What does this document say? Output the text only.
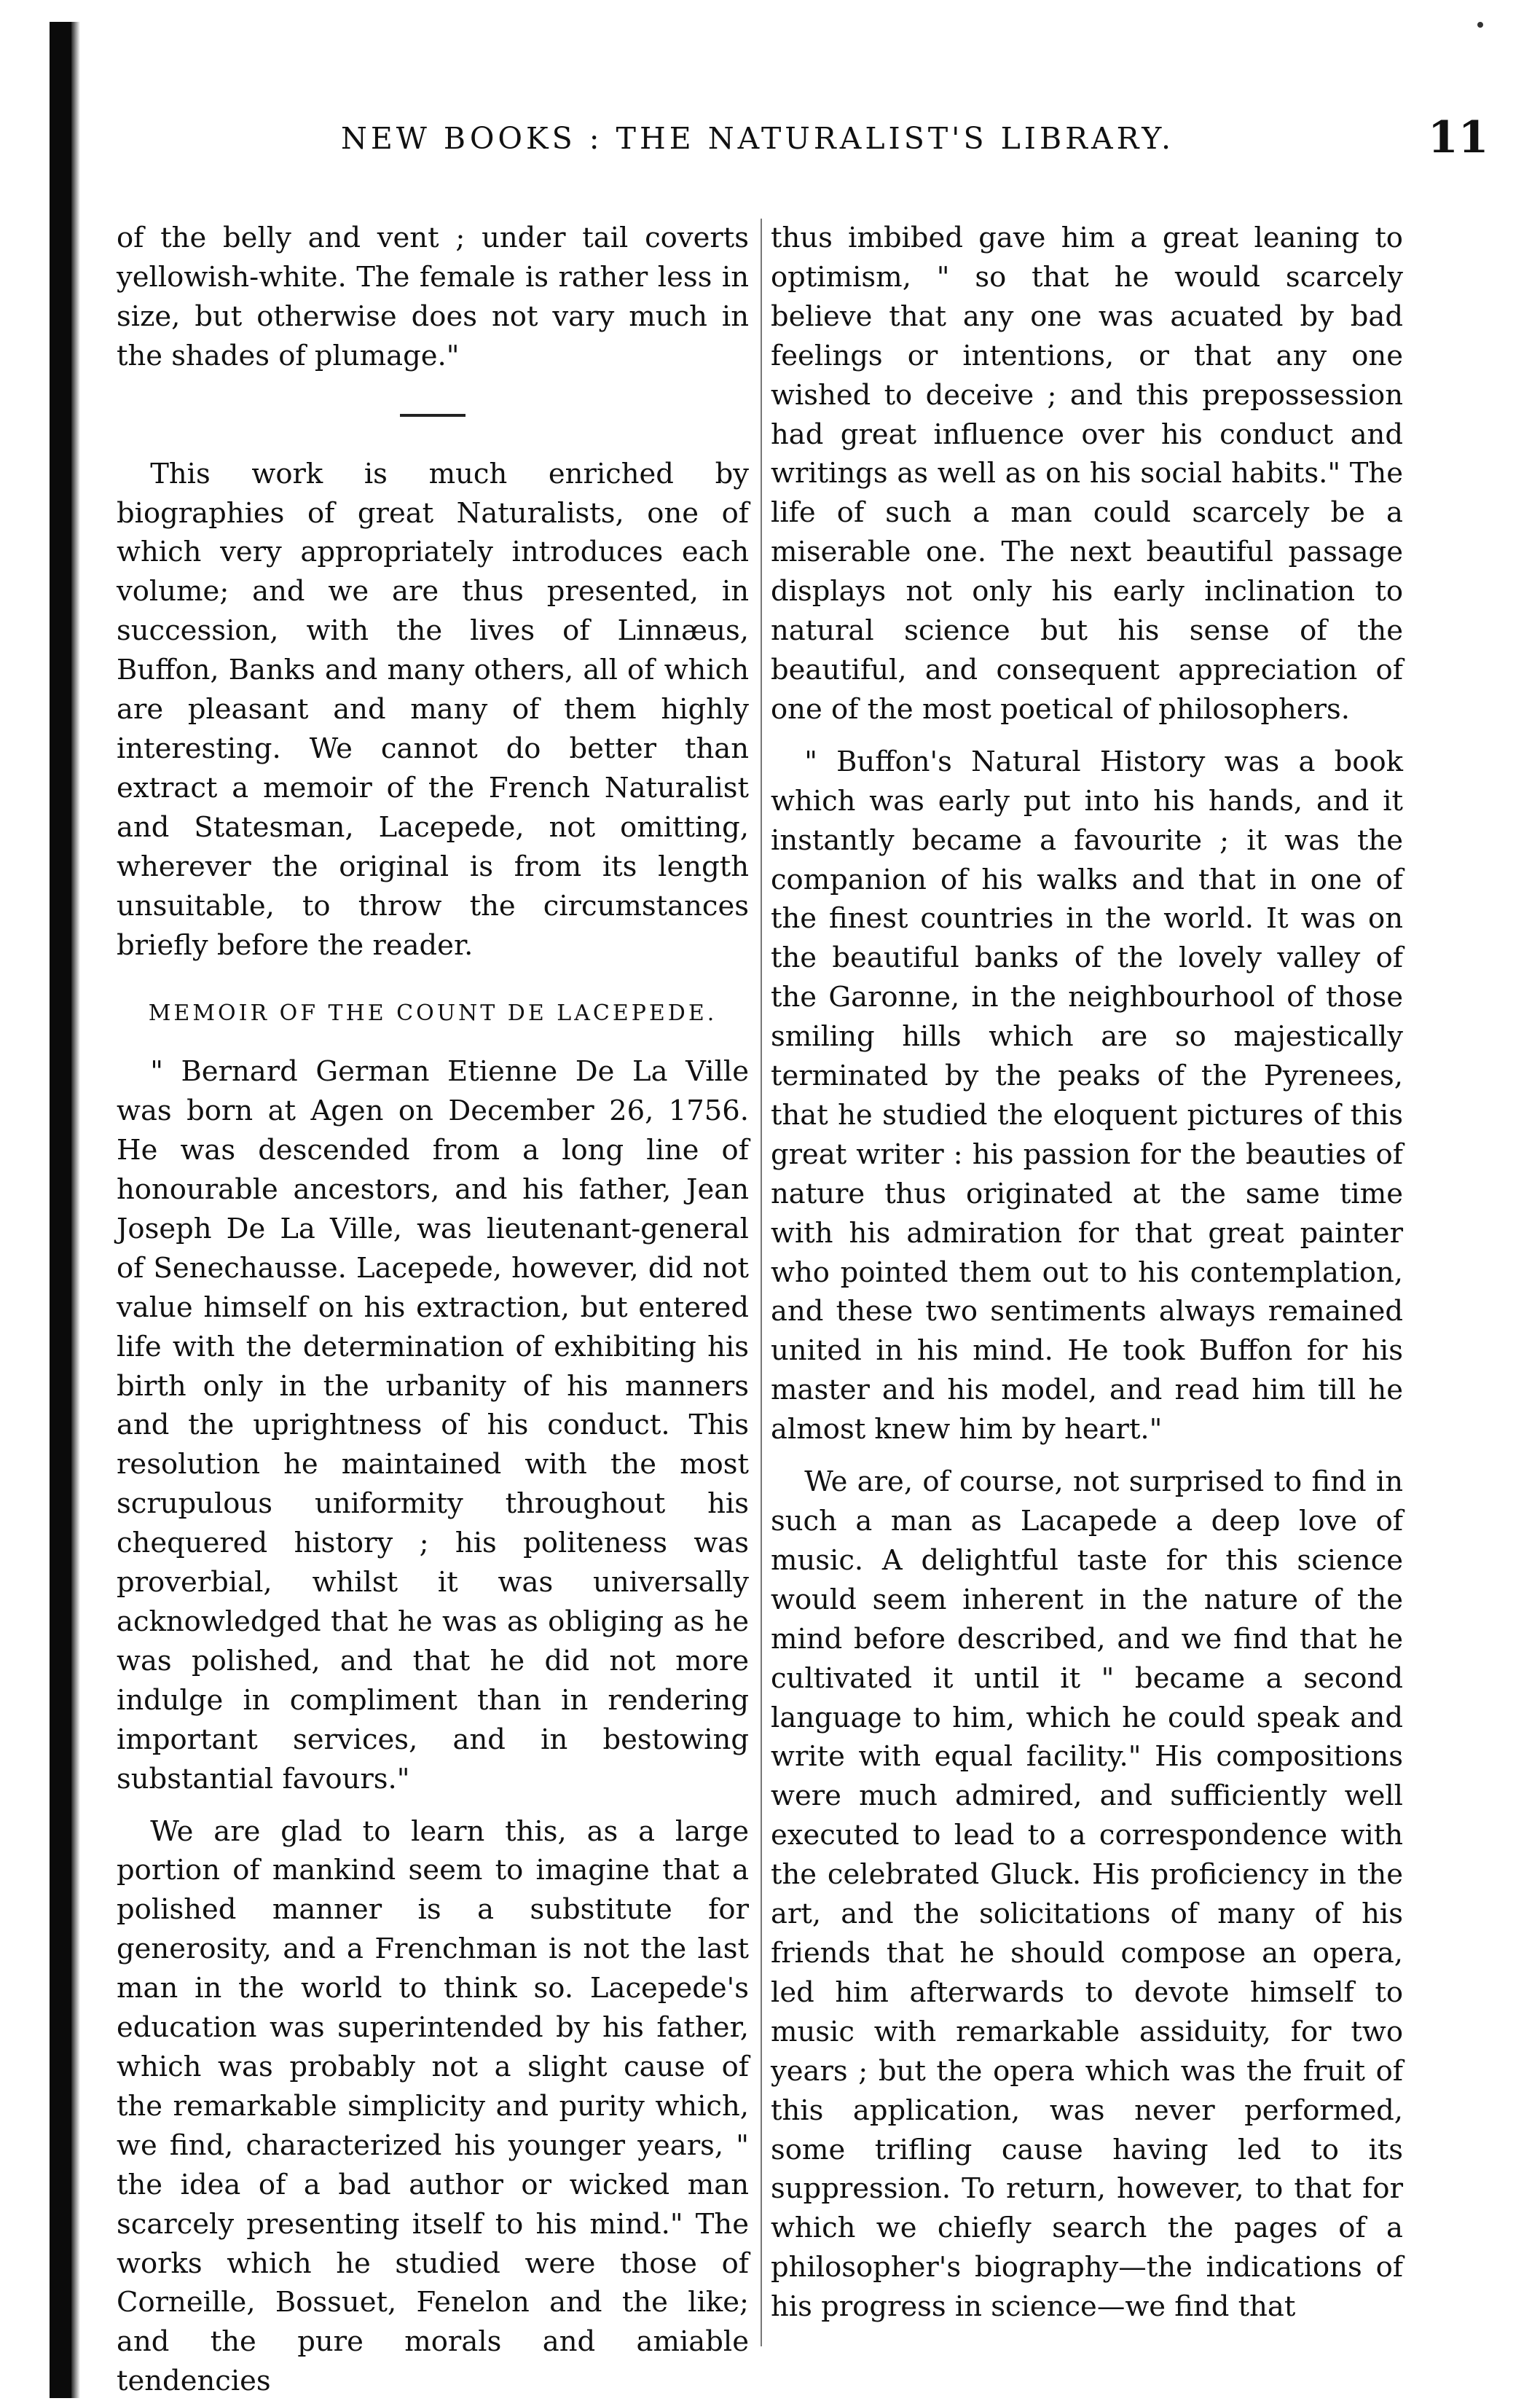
NEW BOOKS : THE NATURALIST'S LIBRARY.	11

of the belly and vent ; under tail coverts yellowish-white. The female is rather less in size, but otherwise does not vary much in the shades of plumage."

This work is much enriched by biographies of great Naturalists, one of which very appropriately introduces each volume; and we are thus presented, in succession, with the lives of Linnæus, Buffon, Banks and many others, all of which are pleasant and many of them highly interesting. We cannot do better than extract a memoir of the French Naturalist and Statesman, Lacepede, not omitting, wherever the original is from its length unsuitable, to throw the circumstances briefly before the reader.

MEMOIR OF THE COUNT DE LACEPEDE.

" Bernard German Etienne De La Ville was born at Agen on December 26, 1756. He was descended from a long line of honourable ancestors, and his father, Jean Joseph De La Ville, was lieutenant-general of Senechausse. Lacepede, however, did not value himself on his extraction, but entered life with the determination of exhibiting his birth only in the urbanity of his manners and the uprightness of his conduct. This resolution he maintained with the most scrupulous uniformity throughout his chequered history ; his politeness was proverbial, whilst it was universally acknowledged that he was as obliging as he was polished, and that he did not more indulge in compliment than in rendering important services, and in bestowing substantial favours."

We are glad to learn this, as a large portion of mankind seem to imagine that a polished manner is a substitute for generosity, and a Frenchman is not the last man in the world to think so. Lacepede's education was superintended by his father, which was probably not a slight cause of the remarkable simplicity and purity which, we find, characterized his younger years, " the idea of a bad author or wicked man scarcely presenting itself to his mind." The works which he studied were those of Corneille, Bossuet, Fenelon and the like; and the pure morals and amiable tendencies

thus imbibed gave him a great leaning to optimism, " so that he would scarcely believe that any one was acuated by bad feelings or intentions, or that any one wished to deceive ; and this prepossession had great influence over his conduct and writings as well as on his social habits." The life of such a man could scarcely be a miserable one. The next beautiful passage displays not only his early inclination to natural science but his sense of the beautiful, and consequent appreciation of one of the most poetical of philosophers.

" Buffon's Natural History was a book which was early put into his hands, and it instantly became a favourite ; it was the companion of his walks and that in one of the finest countries in the world. It was on the beautiful banks of the lovely valley of the Garonne, in the neighbourhool of those smiling hills which are so majestically terminated by the peaks of the Pyrenees, that he studied the eloquent pictures of this great writer : his passion for the beauties of nature thus originated at the same time with his admiration for that great painter who pointed them out to his contemplation, and these two sentiments always remained united in his mind. He took Buffon for his master and his model, and read him till he almost knew him by heart."

We are, of course, not surprised to find in such a man as Lacapede a deep love of music. A delightful taste for this science would seem inherent in the nature of the mind before described, and we find that he cultivated it until it " became a second language to him, which he could speak and write with equal facility." His compositions were much admired, and sufficiently well executed to lead to a correspondence with the celebrated Gluck. His proficiency in the art, and the solicitations of many of his friends that he should compose an opera, led him afterwards to devote himself to music with remarkable assiduity, for two years ; but the opera which was the fruit of this application, was never performed, some trifling cause having led to its suppression. To return, however, to that for which we chiefly search the pages of a philosopher's biography—the indications of his progress in science—we find that
